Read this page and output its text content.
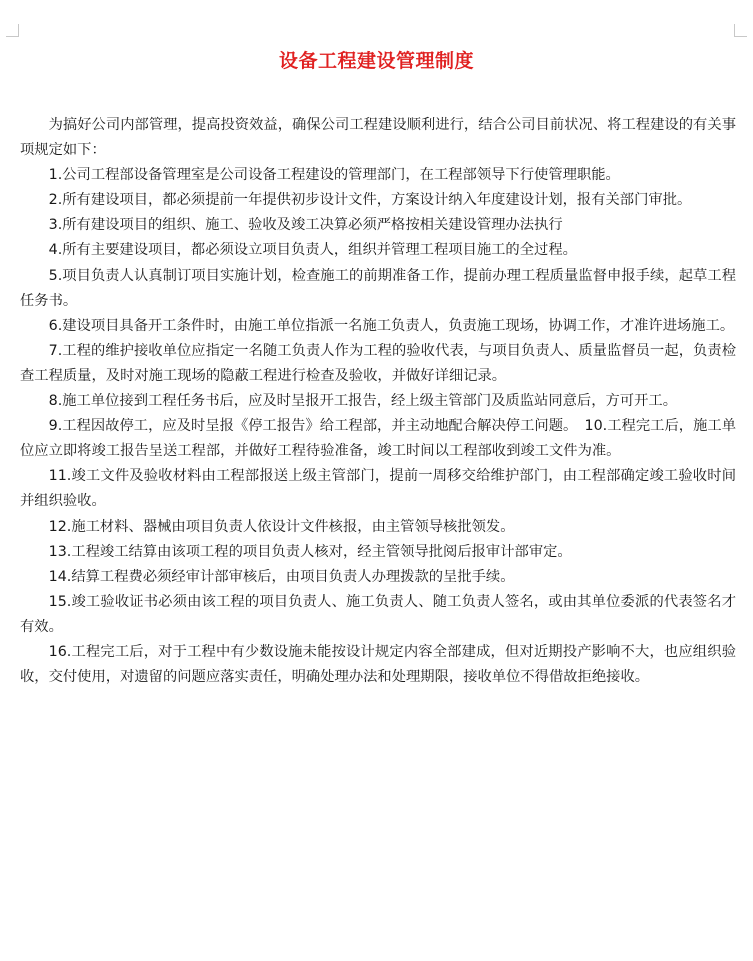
设备工程建设管理制度

为搞好公司内部管理，提高投资效益，确保公司工程建设顺利进行，结合公司目前状况、将工程建设的有关事项规定如下：

1.公司工程部设备管理室是公司设备工程建设的管理部门，在工程部领导下行使管理职能。

2.所有建设项目，都必须提前一年提供初步设计文件，方案设计纳入年度建设计划，报有关部门审批。

3.所有建设项目的组织、施工、验收及竣工决算必须严格按相关建设管理办法执行

4.所有主要建设项目，都必须设立项目负责人，组织并管理工程项目施工的全过程。

5.项目负责人认真制订项目实施计划，检查施工的前期准备工作，提前办理工程质量监督申报手续，起草工程任务书。

6.建设项目具备开工条件时，由施工单位指派一名施工负责人，负责施工现场，协调工作，才准许进场施工。

7.工程的维护接收单位应指定一名随工负责人作为工程的验收代表，与项目负责人、质量监督员一起，负责检查工程质量，及时对施工现场的隐蔽工程进行检查及验收，并做好详细记录。

8.施工单位接到工程任务书后，应及时呈报开工报告，经上级主管部门及质监站同意后，方可开工。

9.工程因故停工，应及时呈报《停工报告》给工程部，并主动地配合解决停工问题。　10.工程完工后，施工单位应立即将竣工报告呈送工程部，并做好工程待验准备，竣工时间以工程部收到竣工文件为准。

11.竣工文件及验收材料由工程部报送上级主管部门，提前一周移交给维护部门，由工程部确定竣工验收时间并组织验收。

12.施工材料、器械由项目负责人依设计文件核报，由主管领导核批领发。

13.工程竣工结算由该项工程的项目负责人核对，经主管领导批阅后报审计部审定。

14.结算工程费必须经审计部审核后，由项目负责人办理拨款的呈批手续。

15.竣工验收证书必须由该工程的项目负责人、施工负责人、随工负责人签名，或由其单位委派的代表签名才有效。

16.工程完工后，对于工程中有少数设施未能按设计规定内容全部建成，但对近期投产影响不大，也应组织验收，交付使用，对遗留的问题应落实责任，明确处理办法和处理期限，接收单位不得借故拒绝接收。
